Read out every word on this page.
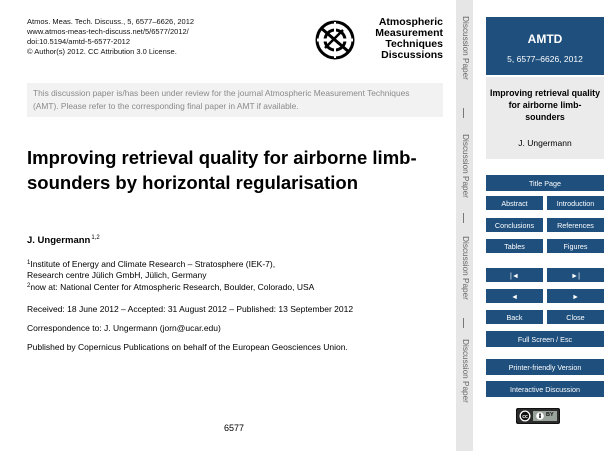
Atmos. Meas. Tech. Discuss., 5, 6577–6626, 2012
www.atmos-meas-tech-discuss.net/5/6577/2012/
doi:10.5194/amtd-5-6577-2012
© Author(s) 2012. CC Attribution 3.0 License.
Atmospheric
Measurement
Techniques
Discussions
This discussion paper is/has been under review for the journal Atmospheric Measurement Techniques (AMT). Please refer to the corresponding final paper in AMT if available.
Improving retrieval quality for airborne limb-sounders by horizontal regularisation
J. Ungermann$^{1,2}$
$^1$Institute of Energy and Climate Research – Stratosphere (IEK-7),
Research centre Jülich GmbH, Jülich, Germany
$^2$now at: National Center for Atmospheric Research, Boulder, Colorado, USA
Received: 18 June 2012 – Accepted: 31 August 2012 – Published: 13 September 2012
Correspondence to: J. Ungermann (jorn@ucar.edu)
Published by Copernicus Publications on behalf of the European Geosciences Union.
6577
Discussion Paper
Discussion Paper
Discussion Paper
Discussion Paper
AMTD
5, 6577–6626, 2012
Improving retrieval quality for airborne limb-sounders
J. Ungermann
Title Page
Abstract	Introduction
Conclusions	References
Tables	Figures
|◄	►|
◄	►
Back	Close
Full Screen / Esc
Printer-friendly Version
Interactive Discussion
cc	BY
